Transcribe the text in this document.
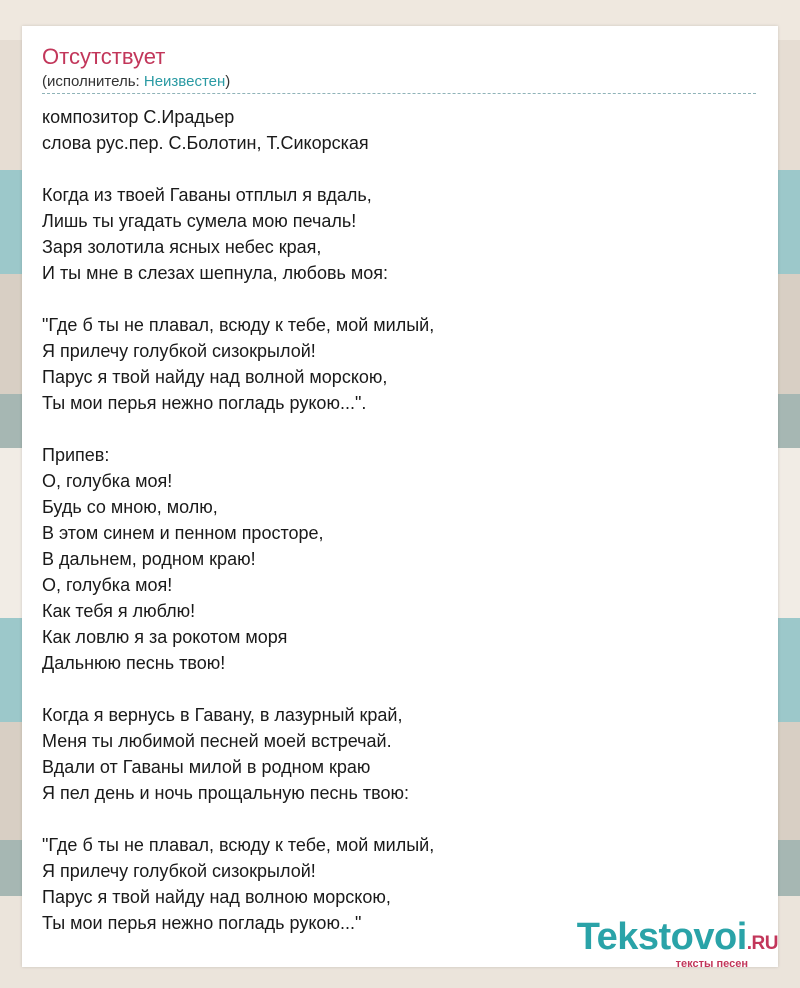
Отсутствует
(исполнитель: Неизвестен)
композитор С.Ирадьер
слова рус.пер. С.Болотин, Т.Сикорская
Когда из твоей Гаваны отплыл я вдаль,
Лишь ты угадать сумела мою печаль!
Заря золотила ясных небес края,
И ты мне в слезах шепнула, любовь моя:
"Где б ты не плавал, всюду к тебе, мой милый,
Я прилечу голубкой сизокрылой!
Парус я твой найду над волной морскою,
Ты мои перья нежно погладь рукою...".
Припев:
О, голубка моя!
Будь со мною, молю,
В этом синем и пенном просторе,
В дальнем, родном краю!
О, голубка моя!
Как тебя я люблю!
Как ловлю я за рокотом моря
Дальнюю песнь твою!
Когда я вернусь в Гавану, в лазурный край,
Меня ты любимой песней моей встречай.
Вдали от Гаваны милой в родном краю
Я пел день и ночь прощальную песнь твою:
"Где б ты не плавал, всюду к тебе, мой милый,
Я прилечу голубкой сизокрылой!
Парус я твой найду над волною морскою,
Ты мои перья нежно погладь рукою..."	Tekstovoi.RU
тексты песен
